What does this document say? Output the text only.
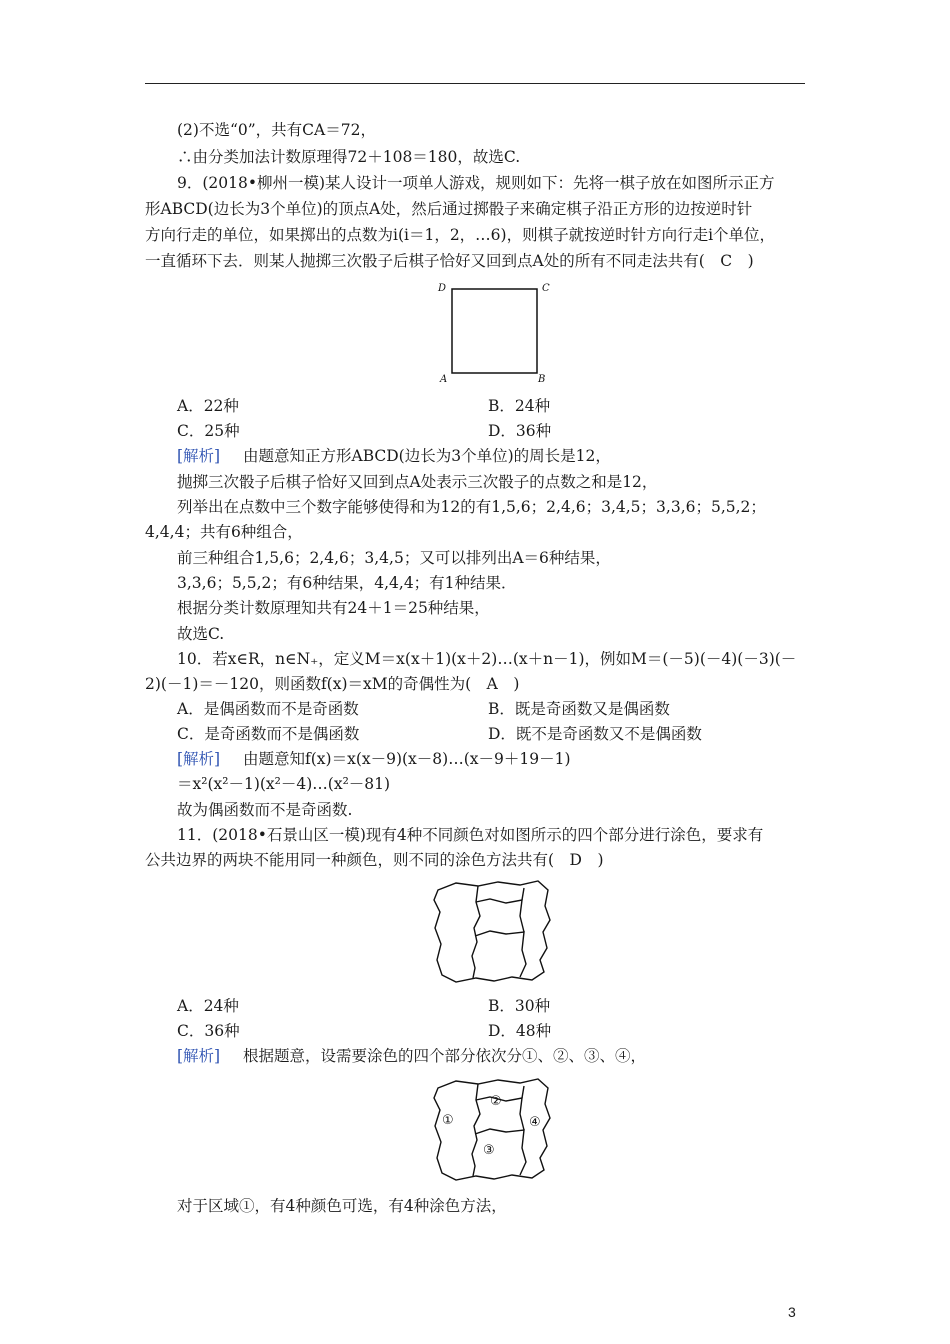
(2)不选“0”，共有CA＝72，
∴由分类加法计数原理得72＋108＝180，故选C.
9．(2018•柳州一模)某人设计一项单人游戏，规则如下：先将一棋子放在如图所示正方
形ABCD(边长为3个单位)的顶点A处，然后通过掷骰子来确定棋子沿正方形的边按逆时针
方向行走的单位，如果掷出的点数为i(i＝1，2，…6)，则棋子就按逆时针方向行走i个单位，
一直循环下去．则某人抛掷三次骰子后棋子恰好又回到点A处的所有不同走法共有(　C　)
D	C
A	B
A．22种	B．24种
C．25种	D．36种
[解析] 由题意知正方形ABCD(边长为3个单位)的周长是12，
抛掷三次骰子后棋子恰好又回到点A处表示三次骰子的点数之和是12，
列举出在点数中三个数字能够使得和为12的有1,5,6；2,4,6；3,4,5；3,3,6；5,5,2；
4,4,4；共有6种组合，
前三种组合1,5,6；2,4,6；3,4,5；又可以排列出A＝6种结果，
3,3,6；5,5,2；有6种结果，4,4,4；有1种结果．
根据分类计数原理知共有24＋1＝25种结果，
故选C.
10．若x∈R，n∈N₊，定义M＝x(x＋1)(x＋2)…(x＋n－1)，例如M＝(－5)(－4)(－3)(－
2)(－1)＝－120，则函数f(x)＝xM的奇偶性为(　A　)
A．是偶函数而不是奇函数	B．既是奇函数又是偶函数
C．是奇函数而不是偶函数	D．既不是奇函数又不是偶函数
[解析] 由题意知f(x)＝x(x－9)(x－8)…(x－9＋19－1)
＝x²(x²－1)(x²－4)…(x²－81)
故为偶函数而不是奇函数.
11．(2018•石景山区一模)现有4种不同颜色对如图所示的四个部分进行涂色，要求有
公共边界的两块不能用同一种颜色，则不同的涂色方法共有(　D　)
A．24种	B．30种
C．36种	D．48种
[解析] 根据题意，设需要涂色的四个部分依次分①、②、③、④，
①
②
③
④
对于区域①，有4种颜色可选，有4种涂色方法，
3
